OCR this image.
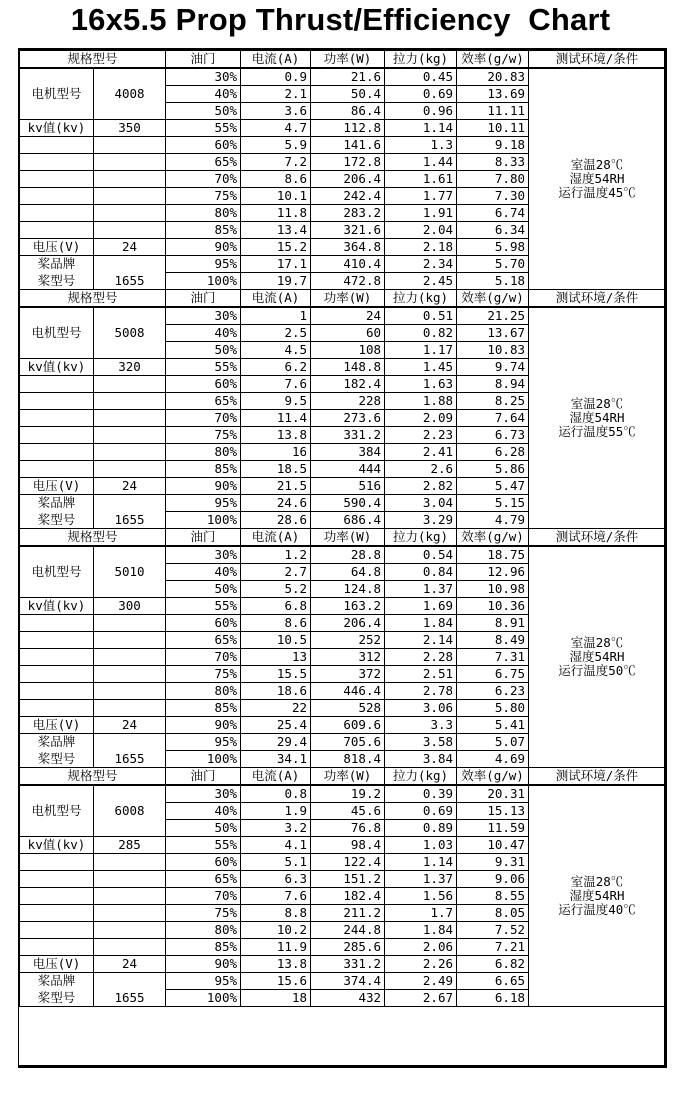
16x5.5 Prop Thrust/Efficiency  Chart
规格型号		油门	电流(A)	功率(W)	拉力(kg)	效率(g/w)	测试环境/条件
电机型号	4008	30%	0.9	21.6	0.45	20.83	室温28℃
湿度54RH
运行温度45℃

		40%	2.1	50.4	0.69	13.69	
		50%	3.6	86.4	0.96	11.11	
kv值(kv)	350	55%	4.7	112.8	1.14	10.11	
		60%	5.9	141.6	1.3	9.18	
		65%	7.2	172.8	1.44	8.33	
		70%	8.6	206.4	1.61	7.80	
		75%	10.1	242.4	1.77	7.30	
		80%	11.8	283.2	1.91	6.74	
		85%	13.4	321.6	2.04	6.34	
电压(V)	24	90%	15.2	364.8	2.18	5.98	
桨品牌		95%	17.1	410.4	2.34	5.70	
桨型号	1655	100%	19.7	472.8	2.45	5.18	
规格型号		油门	电流(A)	功率(W)	拉力(kg)	效率(g/w)	测试环境/条件
电机型号	5008	30%	1	24	0.51	21.25	室温28℃
湿度54RH
运行温度55℃

		40%	2.5	60	0.82	13.67	
		50%	4.5	108	1.17	10.83	
kv值(kv)	320	55%	6.2	148.8	1.45	9.74	
		60%	7.6	182.4	1.63	8.94	
		65%	9.5	228	1.88	8.25	
		70%	11.4	273.6	2.09	7.64	
		75%	13.8	331.2	2.23	6.73	
		80%	16	384	2.41	6.28	
		85%	18.5	444	2.6	5.86	
电压(V)	24	90%	21.5	516	2.82	5.47	
桨品牌		95%	24.6	590.4	3.04	5.15	
桨型号	1655	100%	28.6	686.4	3.29	4.79	
规格型号		油门	电流(A)	功率(W)	拉力(kg)	效率(g/w)	测试环境/条件
电机型号	5010	30%	1.2	28.8	0.54	18.75	室温28℃
湿度54RH
运行温度50℃

		40%	2.7	64.8	0.84	12.96	
		50%	5.2	124.8	1.37	10.98	
kv值(kv)	300	55%	6.8	163.2	1.69	10.36	
		60%	8.6	206.4	1.84	8.91	
		65%	10.5	252	2.14	8.49	
		70%	13	312	2.28	7.31	
		75%	15.5	372	2.51	6.75	
		80%	18.6	446.4	2.78	6.23	
		85%	22	528	3.06	5.80	
电压(V)	24	90%	25.4	609.6	3.3	5.41	
桨品牌		95%	29.4	705.6	3.58	5.07	
桨型号	1655	100%	34.1	818.4	3.84	4.69	
规格型号		油门	电流(A)	功率(W)	拉力(kg)	效率(g/w)	测试环境/条件
电机型号	6008	30%	0.8	19.2	0.39	20.31	室温28℃
湿度54RH
运行温度40℃

		40%	1.9	45.6	0.69	15.13	
		50%	3.2	76.8	0.89	11.59	
kv值(kv)	285	55%	4.1	98.4	1.03	10.47	
		60%	5.1	122.4	1.14	9.31	
		65%	6.3	151.2	1.37	9.06	
		70%	7.6	182.4	1.56	8.55	
		75%	8.8	211.2	1.7	8.05	
		80%	10.2	244.8	1.84	7.52	
		85%	11.9	285.6	2.06	7.21	
电压(V)	24	90%	13.8	331.2	2.26	6.82	
桨品牌		95%	15.6	374.4	2.49	6.65	
桨型号	1655	100%	18	432	2.67	6.18	
